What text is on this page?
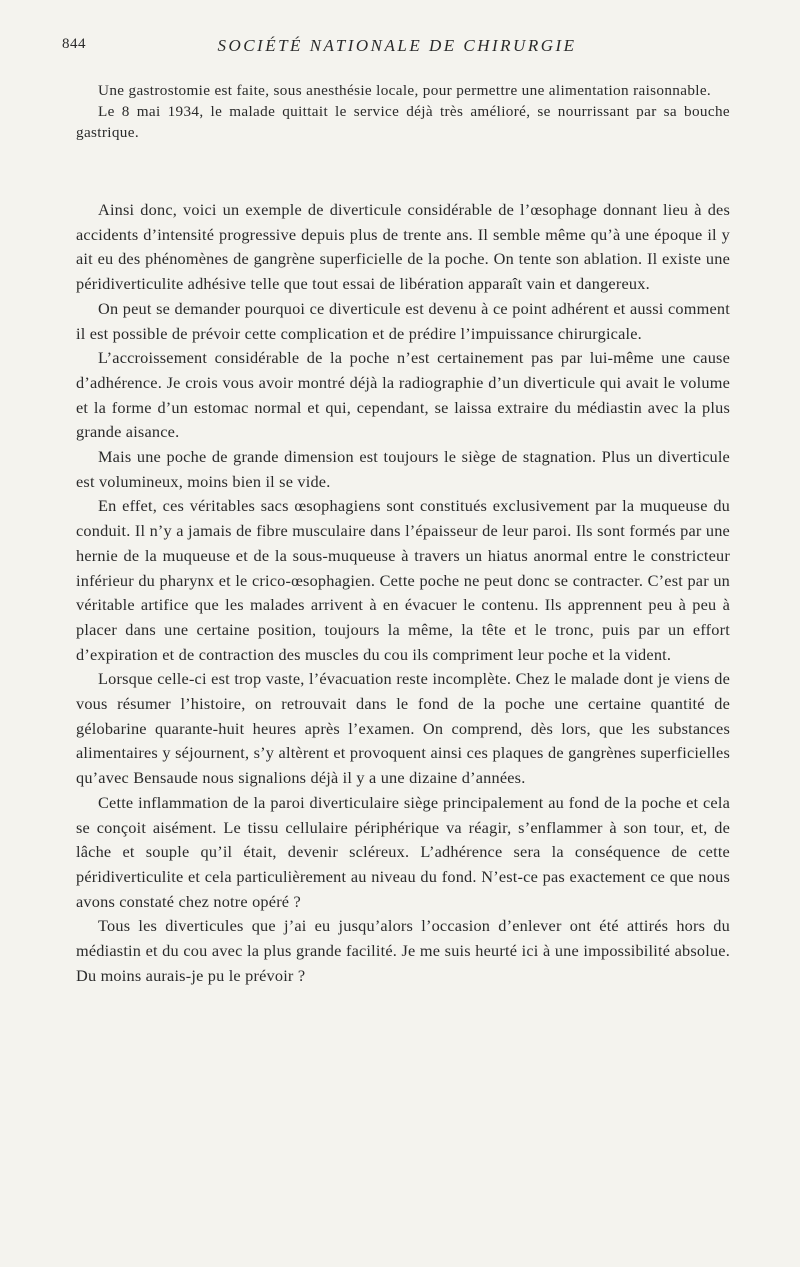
844	SOCIÉTÉ NATIONALE DE CHIRURGIE

Une gastrostomie est faite, sous anesthésie locale, pour permettre une alimentation raisonnable.

Le 8 mai 1934, le malade quittait le service déjà très amélioré, se nourrissant par sa bouche gastrique.

Ainsi donc, voici un exemple de diverticule considérable de l’œsophage donnant lieu à des accidents d’intensité progressive depuis plus de trente ans. Il semble même qu’à une époque il y ait eu des phénomènes de gangrène superficielle de la poche. On tente son ablation. Il existe une péridiverticulite adhésive telle que tout essai de libération apparaît vain et dangereux.

On peut se demander pourquoi ce diverticule est devenu à ce point adhérent et aussi comment il est possible de prévoir cette complication et de prédire l’impuissance chirurgicale.

L’accroissement considérable de la poche n’est certainement pas par lui-même une cause d’adhérence. Je crois vous avoir montré déjà la radiographie d’un diverticule qui avait le volume et la forme d’un estomac normal et qui, cependant, se laissa extraire du médiastin avec la plus grande aisance.

Mais une poche de grande dimension est toujours le siège de stagnation. Plus un diverticule est volumineux, moins bien il se vide.

En effet, ces véritables sacs œsophagiens sont constitués exclusivement par la muqueuse du conduit. Il n’y a jamais de fibre musculaire dans l’épaisseur de leur paroi. Ils sont formés par une hernie de la muqueuse et de la sous-muqueuse à travers un hiatus anormal entre le constricteur inférieur du pharynx et le crico-œsophagien. Cette poche ne peut donc se contracter. C’est par un véritable artifice que les malades arrivent à en évacuer le contenu. Ils apprennent peu à peu à placer dans une certaine position, toujours la même, la tête et le tronc, puis par un effort d’expiration et de contraction des muscles du cou ils compriment leur poche et la vident.

Lorsque celle-ci est trop vaste, l’évacuation reste incomplète. Chez le malade dont je viens de vous résumer l’histoire, on retrouvait dans le fond de la poche une certaine quantité de gélobarine quarante-huit heures après l’examen. On comprend, dès lors, que les substances alimentaires y séjournent, s’y altèrent et provoquent ainsi ces plaques de gangrènes superficielles qu’avec Bensaude nous signalions déjà il y a une dizaine d’années.

Cette inflammation de la paroi diverticulaire siège principalement au fond de la poche et cela se conçoit aisément. Le tissu cellulaire périphérique va réagir, s’enflammer à son tour, et, de lâche et souple qu’il était, devenir scléreux. L’adhérence sera la conséquence de cette péridiverticulite et cela particulièrement au niveau du fond. N’est-ce pas exactement ce que nous avons constaté chez notre opéré ?

Tous les diverticules que j’ai eu jusqu’alors l’occasion d’enlever ont été attirés hors du médiastin et du cou avec la plus grande facilité. Je me suis heurté ici à une impossibilité absolue. Du moins aurais-je pu le prévoir ?
